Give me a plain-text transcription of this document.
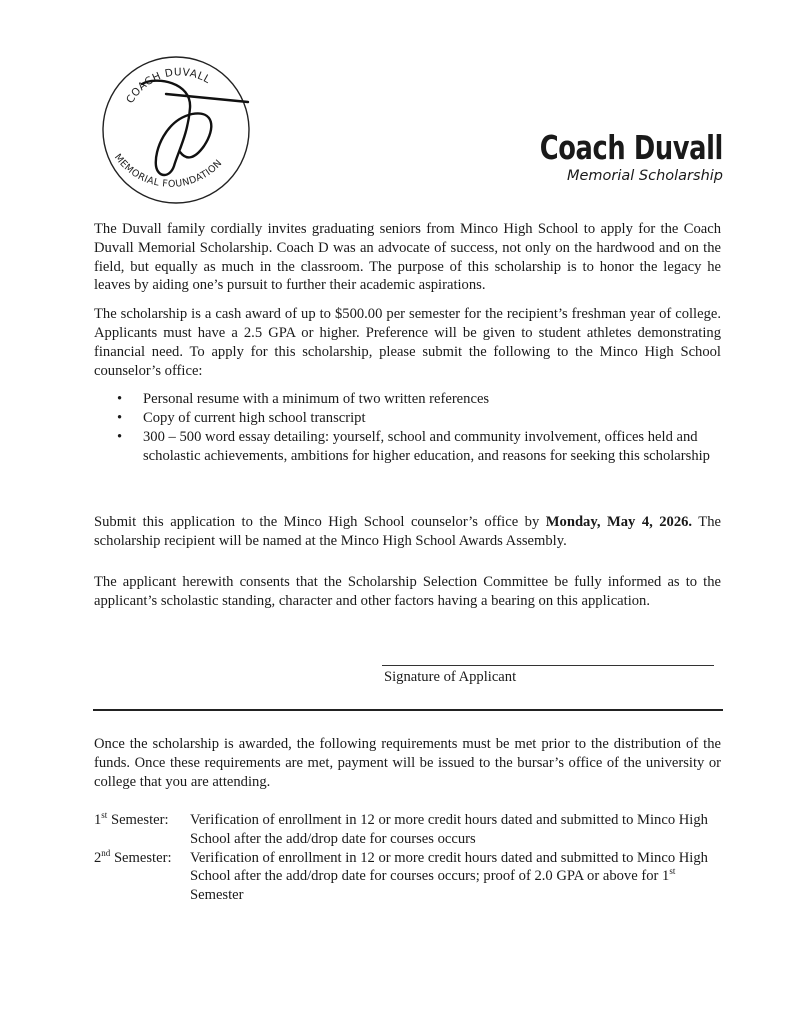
COACH DUVALL
MEMORIAL FOUNDATION	Coach Duvall
Memorial Scholarship

The Duvall family cordially invites graduating seniors from Minco High School to apply for the Coach Duvall Memorial Scholarship. Coach D was an advocate of success, not only on the hardwood and on the field, but equally as much in the classroom. The purpose of this scholarship is to honor the legacy he leaves by aiding one’s pursuit to further their academic aspirations.

The scholarship is a cash award of up to $500.00 per semester for the recipient’s freshman year of college. Applicants must have a 2.5 GPA or higher. Preference will be given to student athletes demonstrating financial need. To apply for this scholarship, please submit the following to the Minco High School counselor’s office:

• Personal resume with a minimum of two written references
• Copy of current high school transcript
• 300 – 500 word essay detailing: yourself, school and community involvement, offices held and scholastic achievements, ambitions for higher education, and reasons for seeking this scholarship

Submit this application to the Minco High School counselor’s office by Monday, May 4, 2026. The scholarship recipient will be named at the Minco High School Awards Assembly.

The applicant herewith consents that the Scholarship Selection Committee be fully informed as to the applicant’s scholastic standing, character and other factors having a bearing on this application.

Signature of Applicant

Once the scholarship is awarded, the following requirements must be met prior to the distribution of the funds. Once these requirements are met, payment will be issued to the bursar’s office of the university or college that you are attending.

1st Semester:	Verification of enrollment in 12 or more credit hours dated and submitted to Minco High School after the add/drop date for courses occurs
2nd Semester:	Verification of enrollment in 12 or more credit hours dated and submitted to Minco High School after the add/drop date for courses occurs; proof of 2.0 GPA or above for 1st Semester
